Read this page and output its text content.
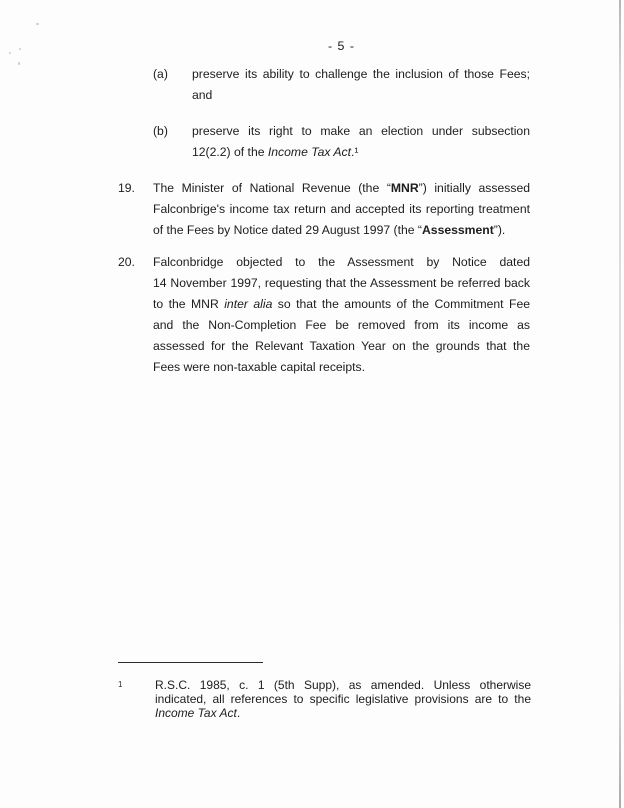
- 5 -
(a)	preserve its ability to challenge the inclusion of those Fees;
and
(b)	preserve its right to make an election under subsection
12(2.2) of the Income Tax Act.¹
19.	The Minister of National Revenue (the “MNR”) initially assessed
Falconbrige's income tax return and accepted its reporting treatment
of the Fees by Notice dated 29 August 1997 (the “Assessment”).
20.	Falconbridge objected to the Assessment by Notice dated
14 November 1997, requesting that the Assessment be referred back
to the MNR inter alia so that the amounts of the Commitment Fee
and the Non-Completion Fee be removed from its income as
assessed for the Relevant Taxation Year on the grounds that the
Fees were non-taxable capital receipts.
1	R.S.C. 1985, c. 1 (5th Supp), as amended. Unless otherwise
indicated, all references to specific legislative provisions are to the
Income Tax Act.
